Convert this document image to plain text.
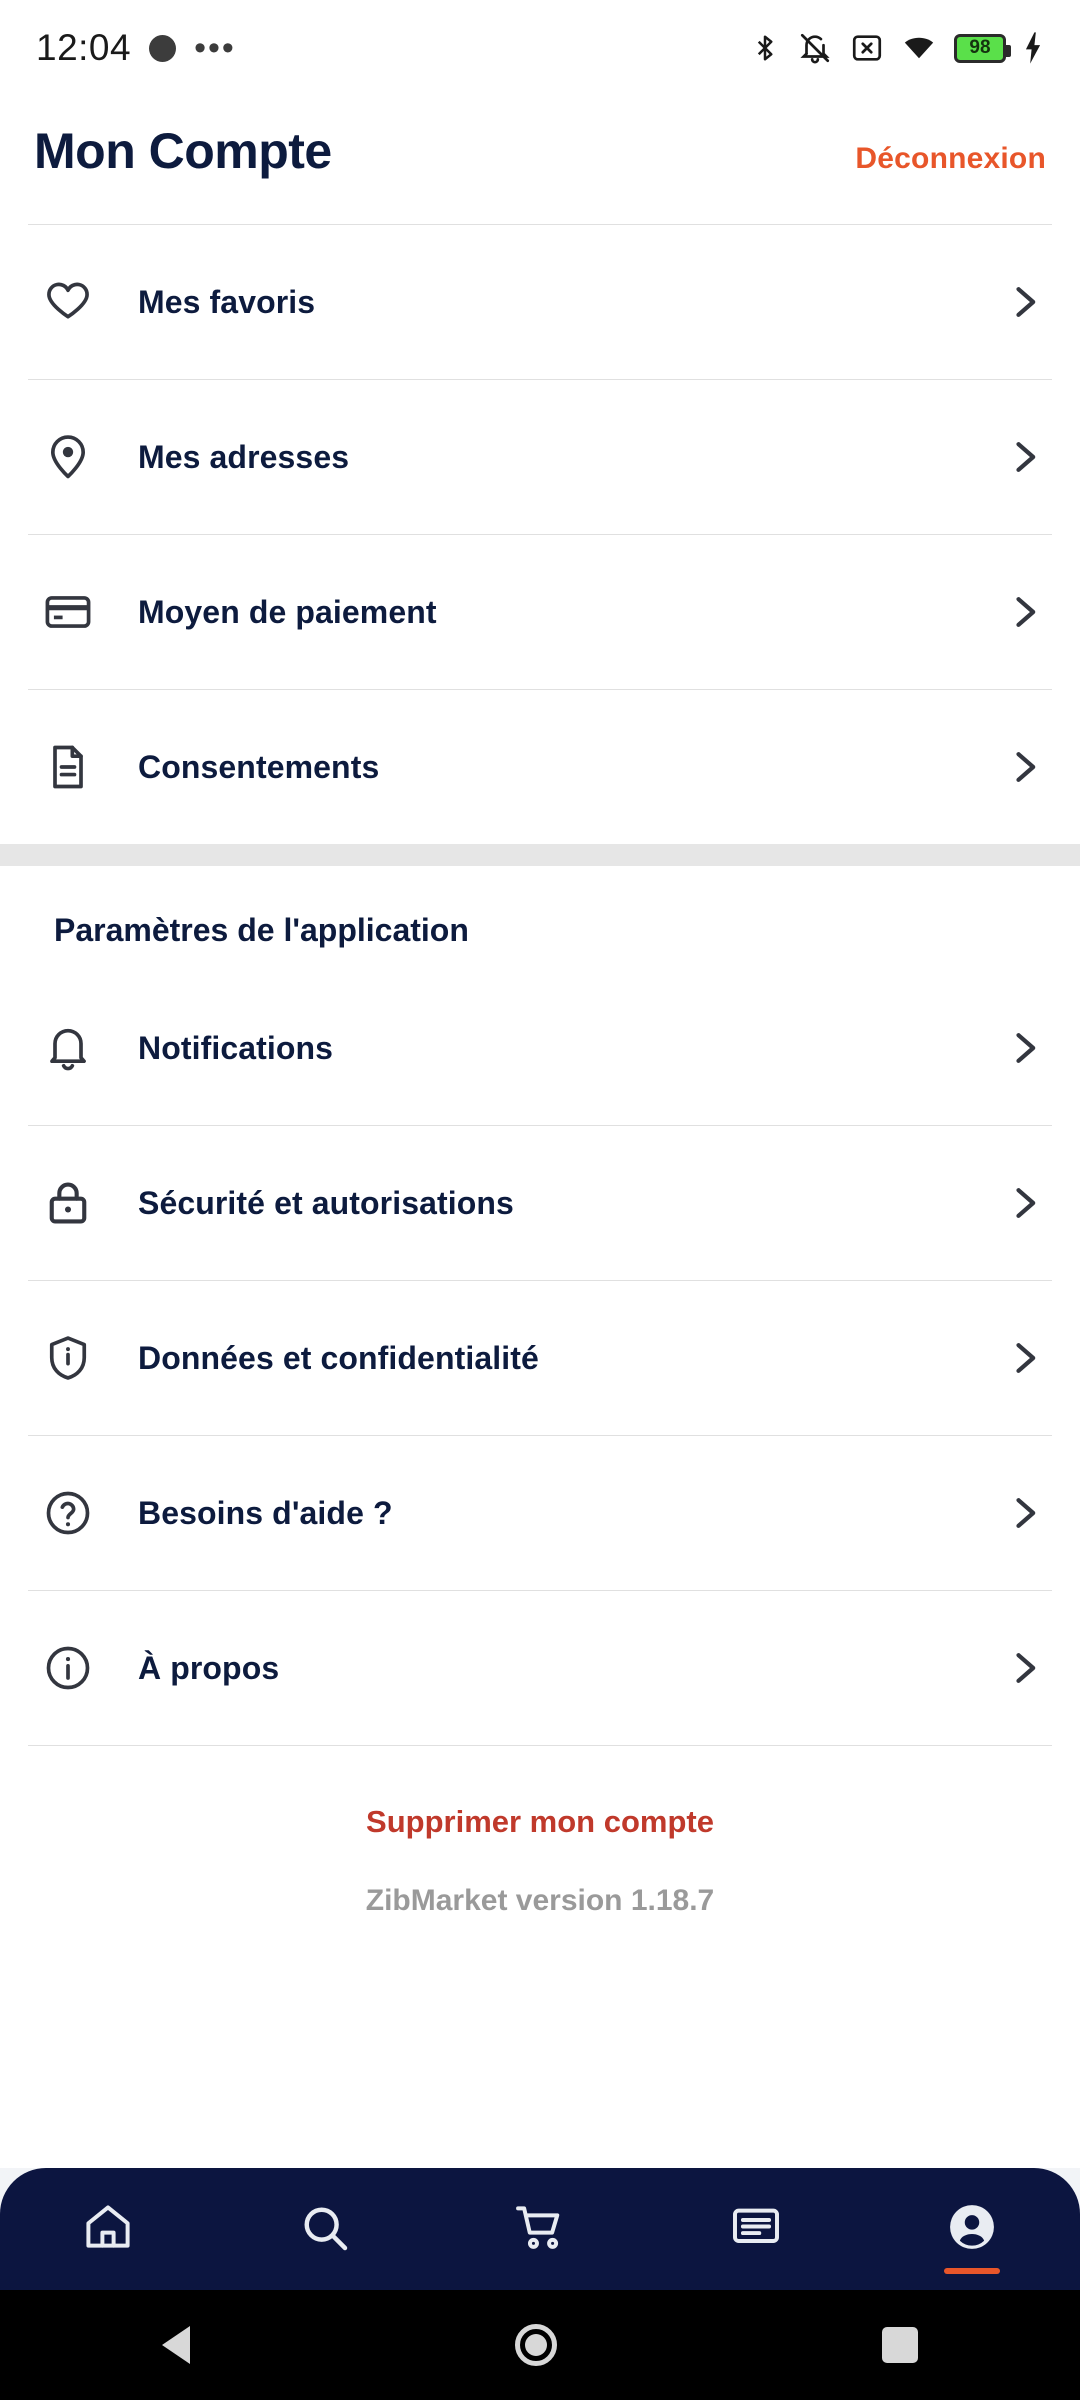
12:04 •••	98
Mon Compte	Déconnexion
Mes favoris
Mes adresses
Moyen de paiement
Consentements
Paramètres de l'application
Notifications
Sécurité et autorisations
Données et confidentialité
Besoins d'aide ?
À propos
Supprimer mon compte
ZibMarket version 1.18.7
